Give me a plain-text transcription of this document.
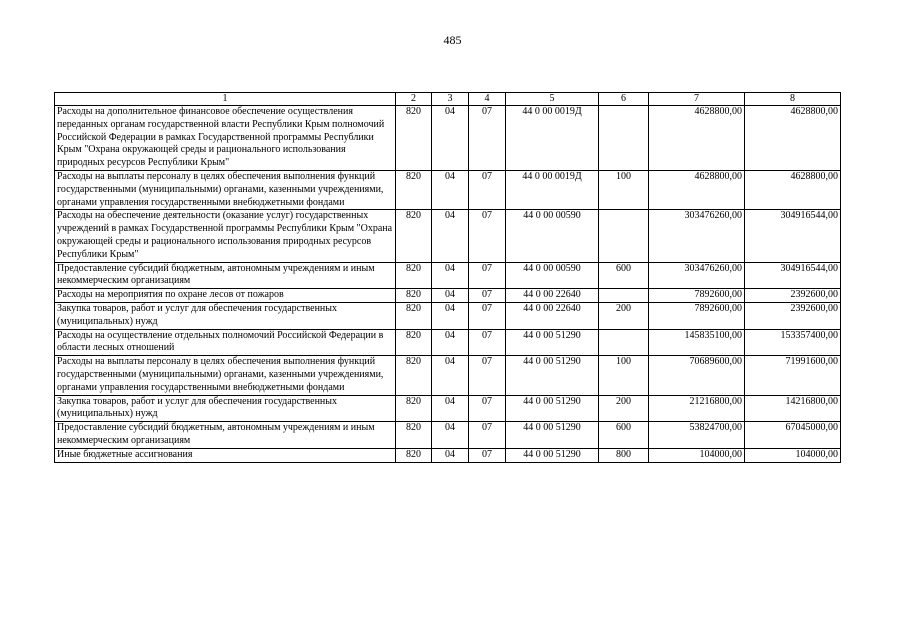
485
1	2	3	4	5	6	7	8
Расходы на дополнительное финансовое обеспечение осуществления переданных органам государственной власти Республики Крым полномочий Российской Федерации в рамках Государственной программы Республики Крым "Охрана окружающей среды и рационального использования природных ресурсов Республики Крым"	820	04	07	44 0 00 0019Д		4628800,00	4628800,00
Расходы на выплаты персоналу в целях обеспечения выполнения функций государственными (муниципальными) органами, казенными учреждениями, органами управления государственными внебюджетными фондами	820	04	07	44 0 00 0019Д	100	4628800,00	4628800,00
Расходы на обеспечение деятельности (оказание услуг) государственных учреждений в рамках Государственной программы Республики Крым "Охрана окружающей среды и рационального использования природных ресурсов Республики Крым"	820	04	07	44 0 00 00590		303476260,00	304916544,00
Предоставление субсидий бюджетным, автономным учреждениям и иным некоммерческим организациям	820	04	07	44 0 00 00590	600	303476260,00	304916544,00
Расходы на мероприятия по охране лесов от пожаров	820	04	07	44 0 00 22640		7892600,00	2392600,00
Закупка товаров, работ и услуг для обеспечения государственных (муниципальных) нужд	820	04	07	44 0 00 22640	200	7892600,00	2392600,00
Расходы на осуществление отдельных полномочий Российской Федерации в области лесных отношений	820	04	07	44 0 00 51290		145835100,00	153357400,00
Расходы на выплаты персоналу в целях обеспечения выполнения функций государственными (муниципальными) органами, казенными учреждениями, органами управления государственными внебюджетными фондами	820	04	07	44 0 00 51290	100	70689600,00	71991600,00
Закупка товаров, работ и услуг для обеспечения государственных (муниципальных) нужд	820	04	07	44 0 00 51290	200	21216800,00	14216800,00
Предоставление субсидий бюджетным, автономным учреждениям и иным некоммерческим организациям	820	04	07	44 0 00 51290	600	53824700,00	67045000,00
Иные бюджетные ассигнования	820	04	07	44 0 00 51290	800	104000,00	104000,00
